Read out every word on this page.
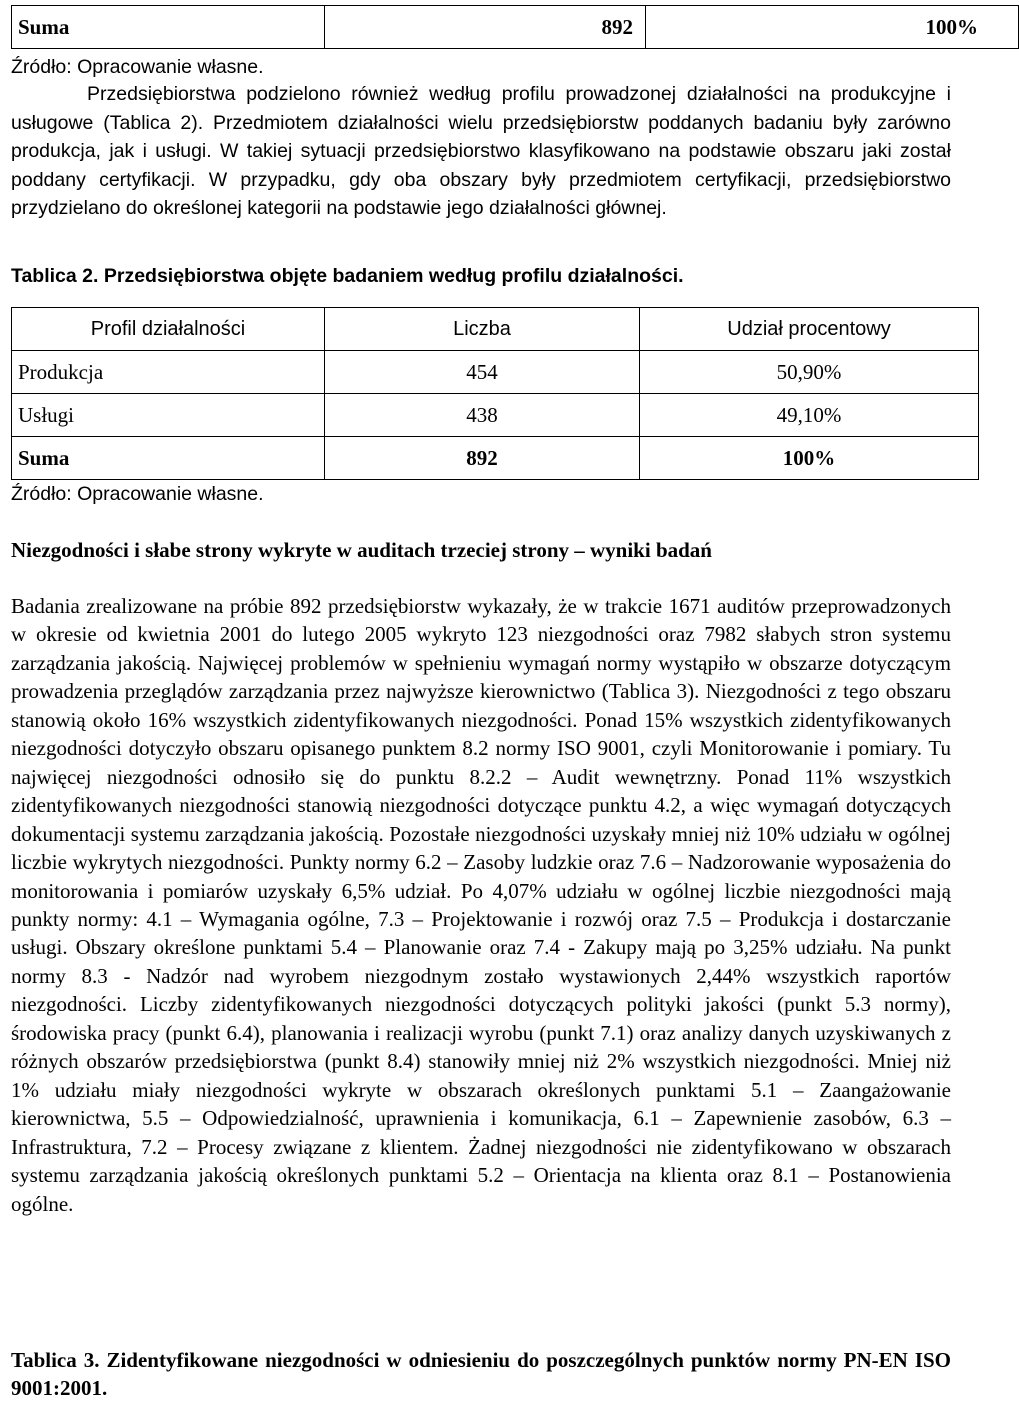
Suma	892	100%

Źródło: Opracowanie własne.

Przedsiębiorstwa podzielono również według profilu prowadzonej działalności na produkcyjne i usługowe (Tablica 2). Przedmiotem działalności wielu przedsiębiorstw poddanych badaniu były zarówno produkcja, jak i usługi. W takiej sytuacji przedsiębiorstwo klasyfikowano na podstawie obszaru jaki został poddany certyfikacji. W przypadku, gdy oba obszary były przedmiotem certyfikacji, przedsiębiorstwo przydzielano do określonej kategorii na podstawie jego działalności głównej.

Tablica 2. Przedsiębiorstwa objęte badaniem według profilu działalności.

Profil działalności	Liczba	Udział procentowy
Produkcja	454	50,90%
Usługi	438	49,10%
Suma	892	100%

Źródło: Opracowanie własne.

Niezgodności i słabe strony wykryte w auditach trzeciej strony – wyniki badań

Badania zrealizowane na próbie 892 przedsiębiorstw wykazały, że w trakcie 1671 auditów przeprowadzonych w okresie od kwietnia 2001 do lutego 2005 wykryto 123 niezgodności oraz 7982 słabych stron systemu zarządzania jakością. Najwięcej problemów w spełnieniu wymagań normy wystąpiło w obszarze dotyczącym prowadzenia przeglądów zarządzania przez najwyższe kierownictwo (Tablica 3). Niezgodności z tego obszaru stanowią około 16% wszystkich zidentyfikowanych niezgodności. Ponad 15% wszystkich zidentyfikowanych niezgodności dotyczyło obszaru opisanego punktem 8.2 normy ISO 9001, czyli Monitorowanie i pomiary. Tu najwięcej niezgodności odnosiło się do punktu 8.2.2 – Audit wewnętrzny. Ponad 11% wszystkich zidentyfikowanych niezgodności stanowią niezgodności dotyczące punktu 4.2, a więc wymagań dotyczących dokumentacji systemu zarządzania jakością. Pozostałe niezgodności uzyskały mniej niż 10% udziału w ogólnej liczbie wykrytych niezgodności. Punkty normy 6.2 – Zasoby ludzkie oraz 7.6 – Nadzorowanie wyposażenia do monitorowania i pomiarów uzyskały 6,5% udział. Po 4,07% udziału w ogólnej liczbie niezgodności mają punkty normy: 4.1 – Wymagania ogólne, 7.3 – Projektowanie i rozwój oraz 7.5 – Produkcja i dostarczanie usługi. Obszary określone punktami 5.4 – Planowanie oraz 7.4 - Zakupy mają po 3,25% udziału. Na punkt normy 8.3 - Nadzór nad wyrobem niezgodnym zostało wystawionych 2,44% wszystkich raportów niezgodności. Liczby zidentyfikowanych niezgodności dotyczących polityki jakości (punkt 5.3 normy), środowiska pracy (punkt 6.4), planowania i realizacji wyrobu (punkt 7.1) oraz analizy danych uzyskiwanych z różnych obszarów przedsiębiorstwa (punkt 8.4) stanowiły mniej niż 2% wszystkich niezgodności. Mniej niż 1% udziału miały niezgodności wykryte w obszarach określonych punktami 5.1 – Zaangażowanie kierownictwa, 5.5 – Odpowiedzialność, uprawnienia i komunikacja, 6.1 – Zapewnienie zasobów, 6.3 – Infrastruktura, 7.2 – Procesy związane z klientem. Żadnej niezgodności nie zidentyfikowano w obszarach systemu zarządzania jakością określonych punktami 5.2 – Orientacja na klienta oraz 8.1 – Postanowienia ogólne.

Tablica 3. Zidentyfikowane niezgodności w odniesieniu do poszczególnych punktów normy PN-EN ISO 9001:2001.
